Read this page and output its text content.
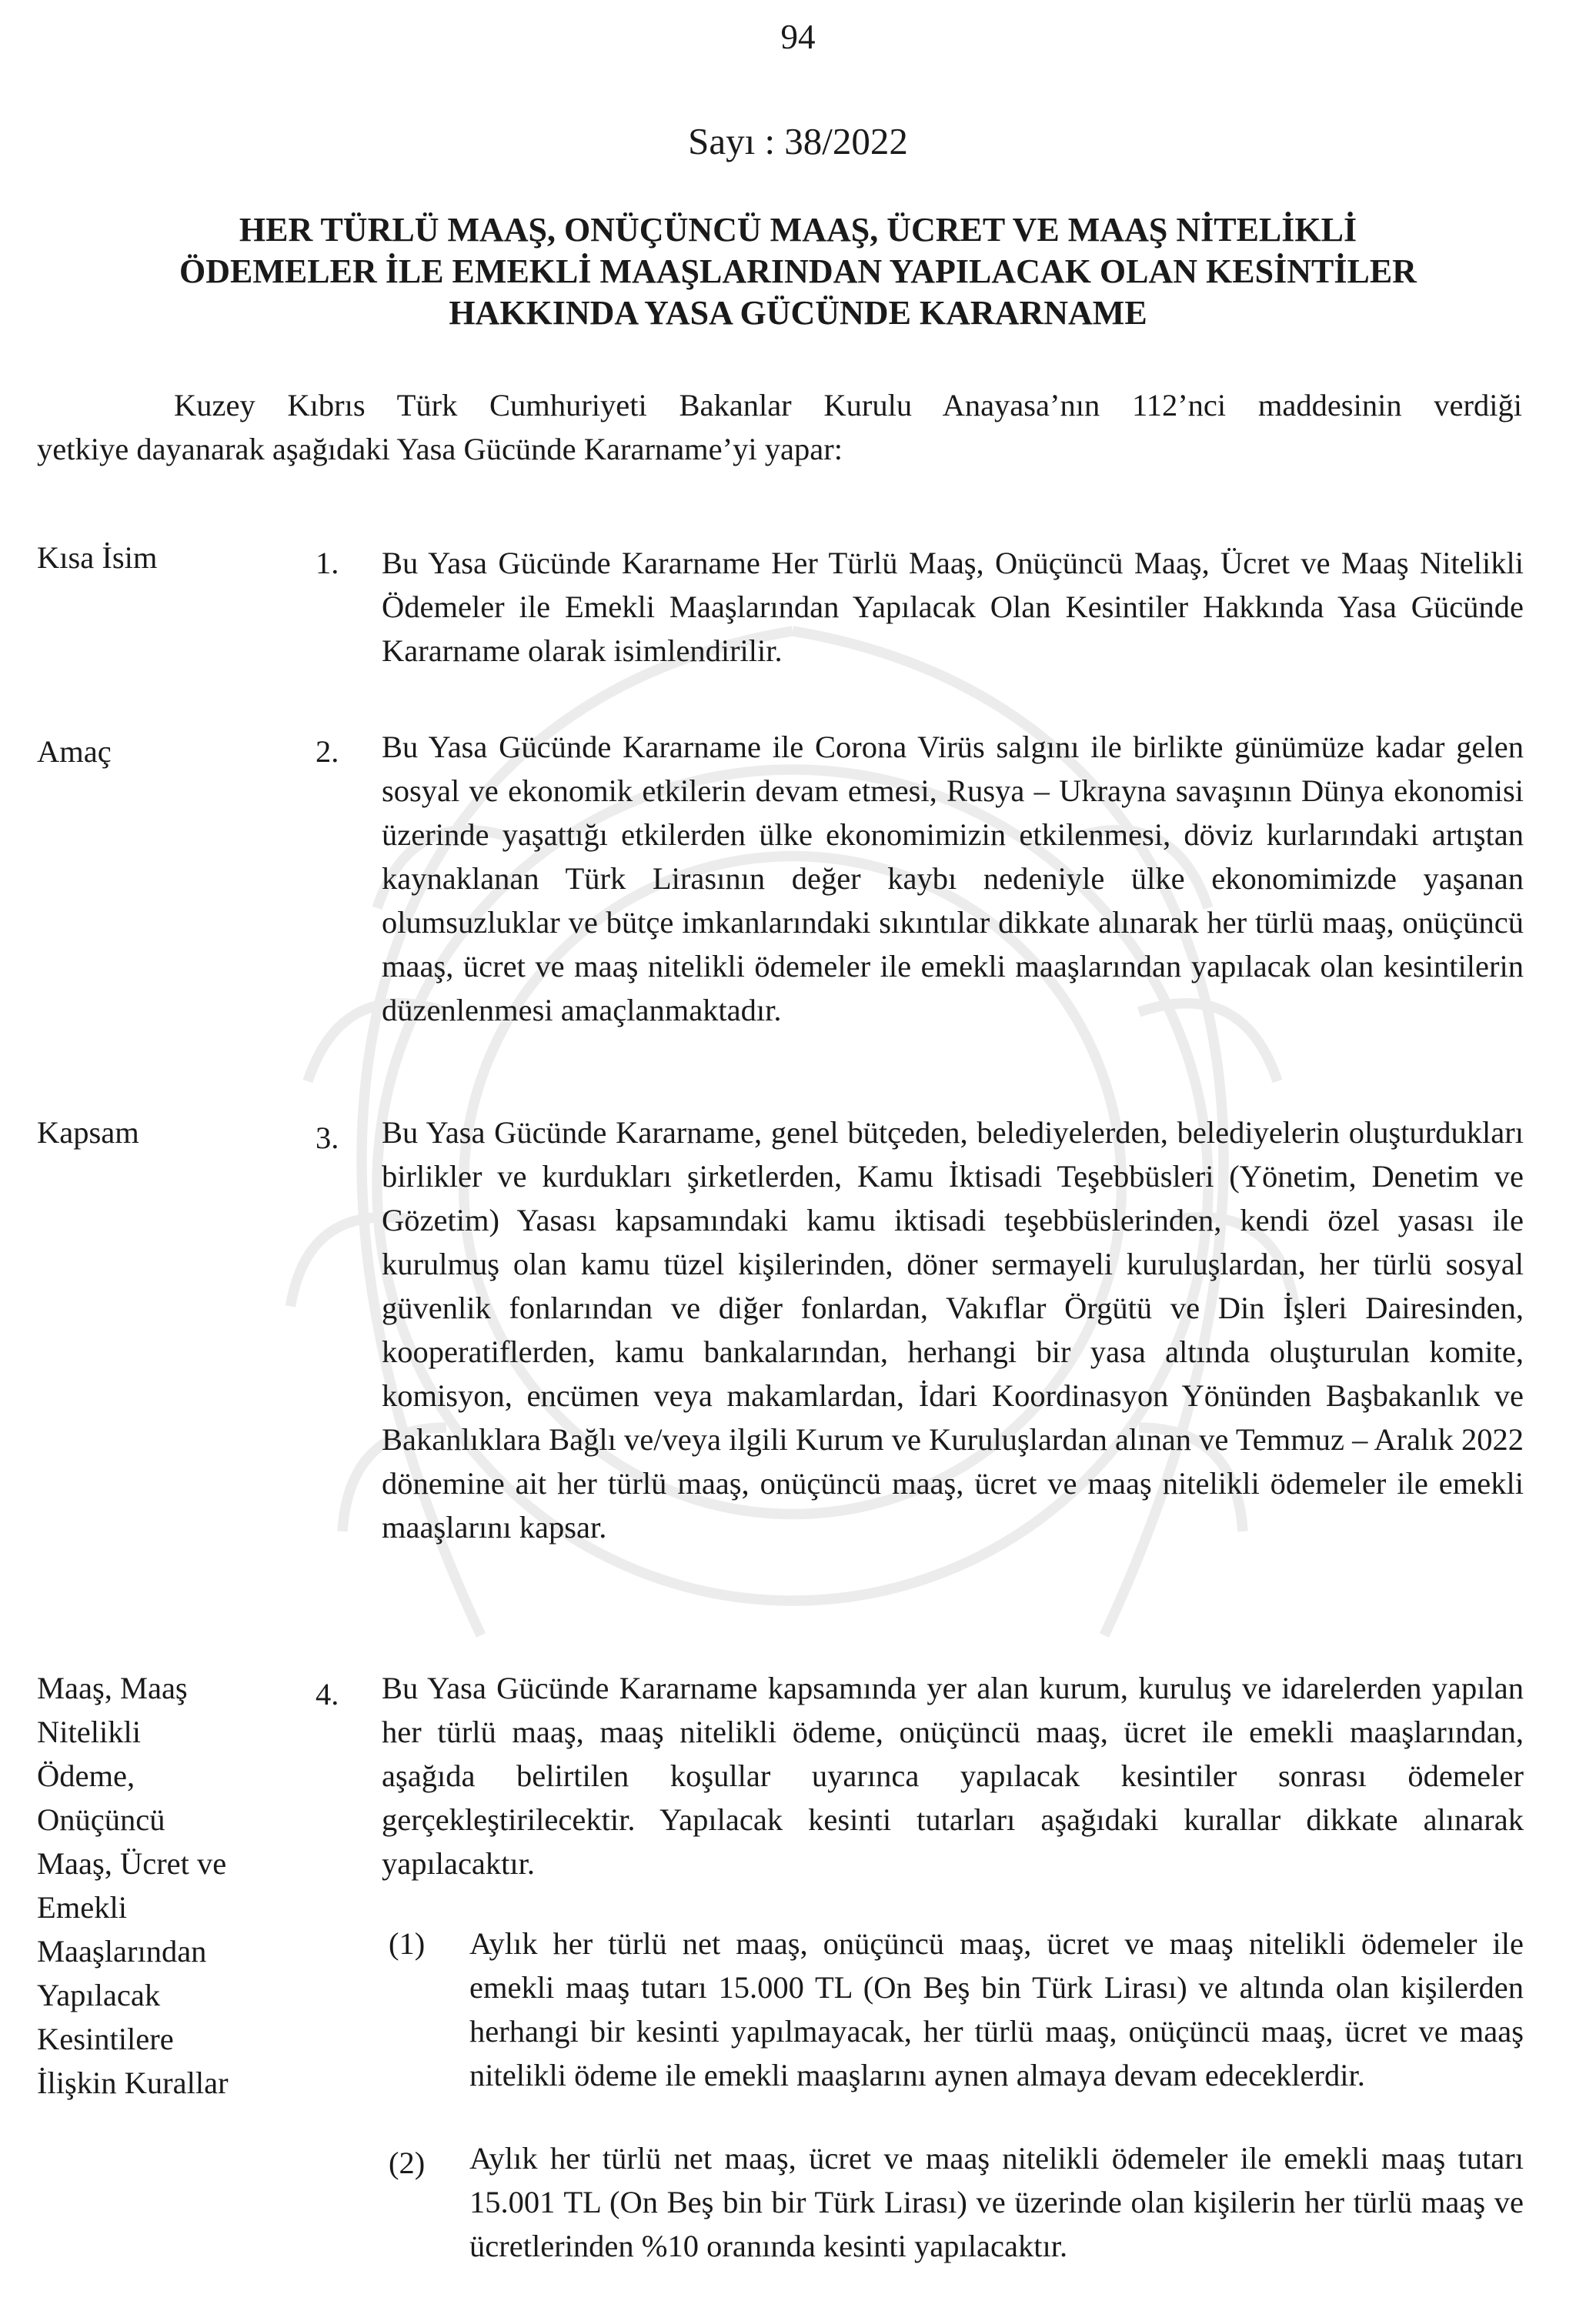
94
Sayı : 38/2022
HER TÜRLÜ MAAŞ, ONÜÇÜNCÜ MAAŞ, ÜCRET VE MAAŞ NİTELİKLİ
ÖDEMELER İLE EMEKLİ MAAŞLARINDAN YAPILACAK OLAN KESİNTİLER
HAKKINDA YASA GÜCÜNDE KARARNAME
Kuzey Kıbrıs Türk Cumhuriyeti Bakanlar Kurulu Anayasa’nın 112’nci maddesinin verdiği
yetkiye dayanarak aşağıdaki Yasa Gücünde Kararname’yi yapar:
Kısa İsim	1. Bu Yasa Gücünde Kararname Her Türlü Maaş, Onüçüncü Maaş, Ücret ve Maaş Nitelikli Ödemeler ile Emekli Maaşlarından Yapılacak Olan Kesintiler Hakkında Yasa Gücünde Kararname olarak isimlendirilir.
Amaç	2. Bu Yasa Gücünde Kararname ile Corona Virüs salgını ile birlikte günümüze kadar gelen sosyal ve ekonomik etkilerin devam etmesi, Rusya – Ukrayna savaşının Dünya ekonomisi üzerinde yaşattığı etkilerden ülke ekonomimizin etkilenmesi, döviz kurlarındaki artıştan kaynaklanan Türk Lirasının değer kaybı nedeniyle ülke ekonomimizde yaşanan olumsuzluklar ve bütçe imkanlarındaki sıkıntılar dikkate alınarak her türlü maaş, onüçüncü maaş, ücret ve maaş nitelikli ödemeler ile emekli maaşlarından yapılacak olan kesintilerin düzenlenmesi amaçlanmaktadır.
Kapsam	3. Bu Yasa Gücünde Kararname, genel bütçeden, belediyelerden, belediyelerin oluşturdukları birlikler ve kurdukları şirketlerden, Kamu İktisadi Teşebbüsleri (Yönetim, Denetim ve Gözetim) Yasası kapsamındaki kamu iktisadi teşebbüslerinden, kendi özel yasası ile kurulmuş olan kamu tüzel kişilerinden, döner sermayeli kuruluşlardan, her türlü sosyal güvenlik fonlarından ve diğer fonlardan, Vakıflar Örgütü ve Din İşleri Dairesinden, kooperatiflerden, kamu bankalarından, herhangi bir yasa altında oluşturulan komite, komisyon, encümen veya makamlardan, İdari Koordinasyon Yönünden Başbakanlık ve Bakanlıklara Bağlı ve/veya ilgili Kurum ve Kuruluşlardan alınan ve Temmuz – Aralık 2022 dönemine ait her türlü maaş, onüçüncü maaş, ücret ve maaş nitelikli ödemeler ile emekli maaşlarını kapsar.
Maaş, Maaş
Nitelikli
Ödeme,
Onüçüncü
Maaş, Ücret ve
Emekli
Maaşlarından
Yapılacak
Kesintilere
İlişkin Kurallar
4. Bu Yasa Gücünde Kararname kapsamında yer alan kurum, kuruluş ve idarelerden yapılan her türlü maaş, maaş nitelikli ödeme, onüçüncü maaş, ücret ile emekli maaşlarından, aşağıda belirtilen koşullar uyarınca yapılacak kesintiler sonrası ödemeler gerçekleştirilecektir. Yapılacak kesinti tutarları aşağıdaki kurallar dikkate alınarak yapılacaktır.
(1) Aylık her türlü net maaş, onüçüncü maaş, ücret ve maaş nitelikli ödemeler ile emekli maaş tutarı 15.000 TL (On Beş bin Türk Lirası) ve altında olan kişilerden herhangi bir kesinti yapılmayacak, her türlü maaş, onüçüncü maaş, ücret ve maaş nitelikli ödeme ile emekli maaşlarını aynen almaya devam edeceklerdir.
(2) Aylık her türlü net maaş, ücret ve maaş nitelikli ödemeler ile emekli maaş tutarı 15.001 TL (On Beş bin bir Türk Lirası) ve üzerinde olan kişilerin her türlü maaş ve ücretlerinden %10 oranında kesinti yapılacaktır.
